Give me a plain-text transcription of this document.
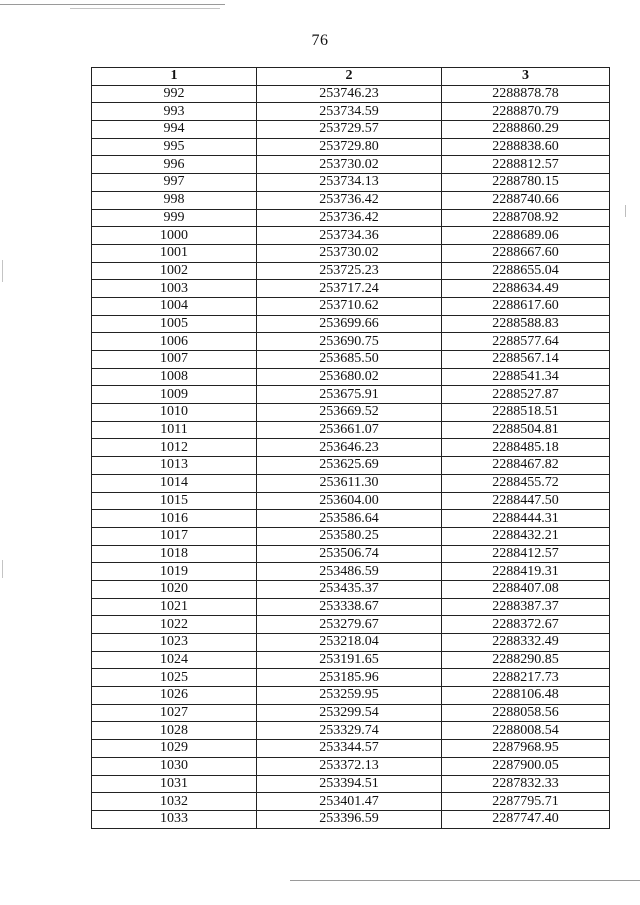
76
1	2	3
992	253746.23	2288878.78
993	253734.59	2288870.79
994	253729.57	2288860.29
995	253729.80	2288838.60
996	253730.02	2288812.57
997	253734.13	2288780.15
998	253736.42	2288740.66
999	253736.42	2288708.92
1000	253734.36	2288689.06
1001	253730.02	2288667.60
1002	253725.23	2288655.04
1003	253717.24	2288634.49
1004	253710.62	2288617.60
1005	253699.66	2288588.83
1006	253690.75	2288577.64
1007	253685.50	2288567.14
1008	253680.02	2288541.34
1009	253675.91	2288527.87
1010	253669.52	2288518.51
1011	253661.07	2288504.81
1012	253646.23	2288485.18
1013	253625.69	2288467.82
1014	253611.30	2288455.72
1015	253604.00	2288447.50
1016	253586.64	2288444.31
1017	253580.25	2288432.21
1018	253506.74	2288412.57
1019	253486.59	2288419.31
1020	253435.37	2288407.08
1021	253338.67	2288387.37
1022	253279.67	2288372.67
1023	253218.04	2288332.49
1024	253191.65	2288290.85
1025	253185.96	2288217.73
1026	253259.95	2288106.48
1027	253299.54	2288058.56
1028	253329.74	2288008.54
1029	253344.57	2287968.95
1030	253372.13	2287900.05
1031	253394.51	2287832.33
1032	253401.47	2287795.71
1033	253396.59	2287747.40
